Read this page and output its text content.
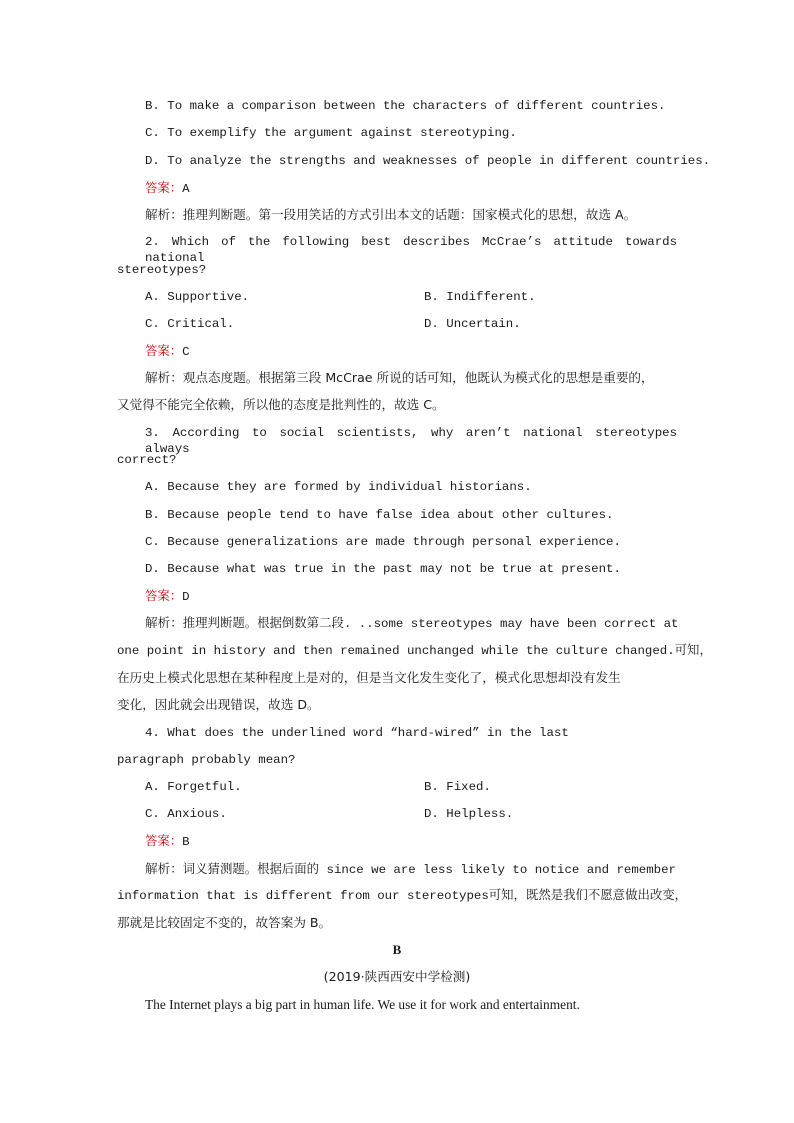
B. To make a comparison between the characters of different countries.
C. To exemplify the argument against stereotyping.
D. To analyze the strengths and weaknesses of people in different countries.
答案：A
解析：推理判断题。第一段用笑话的方式引出本文的话题：国家模式化的思想，故选 A。
2. Which of the following best describes McCrae’s attitude towards national
stereotypes?
A. Supportive.	B. Indifferent.
C. Critical.	D. Uncertain.
答案：C
解析：观点态度题。根据第三段 McCrae 所说的话可知，他既认为模式化的思想是重要的，
又觉得不能完全依赖，所以他的态度是批判性的，故选 C。
3. According to social scientists, why aren’t national stereotypes always
correct?
A. Because they are formed by individual historians.
B. Because people tend to have false idea about other cultures.
C. Because generalizations are made through personal experience.
D. Because what was true in the past may not be true at present.
答案：D
解析：推理判断题。根据倒数第二段. ..some stereotypes may have been correct at
one point in history and then remained unchanged while the culture changed.可知，
在历史上模式化思想在某种程度上是对的，但是当文化发生变化了，模式化思想却没有发生
变化，因此就会出现错误，故选 D。
4. What does the underlined word “hard-wired” in the last
paragraph probably mean?
A. Forgetful.	B. Fixed.
C. Anxious.	D. Helpless.
答案：B
解析：词义猜测题。根据后面的 since we are less likely to notice and remember
information that is different from our stereotypes可知，既然是我们不愿意做出改变，
那就是比较固定不变的，故答案为 B。
B
(2019·陕西西安中学检测)
The Internet plays a big part in human life. We use it for work and entertainment.
